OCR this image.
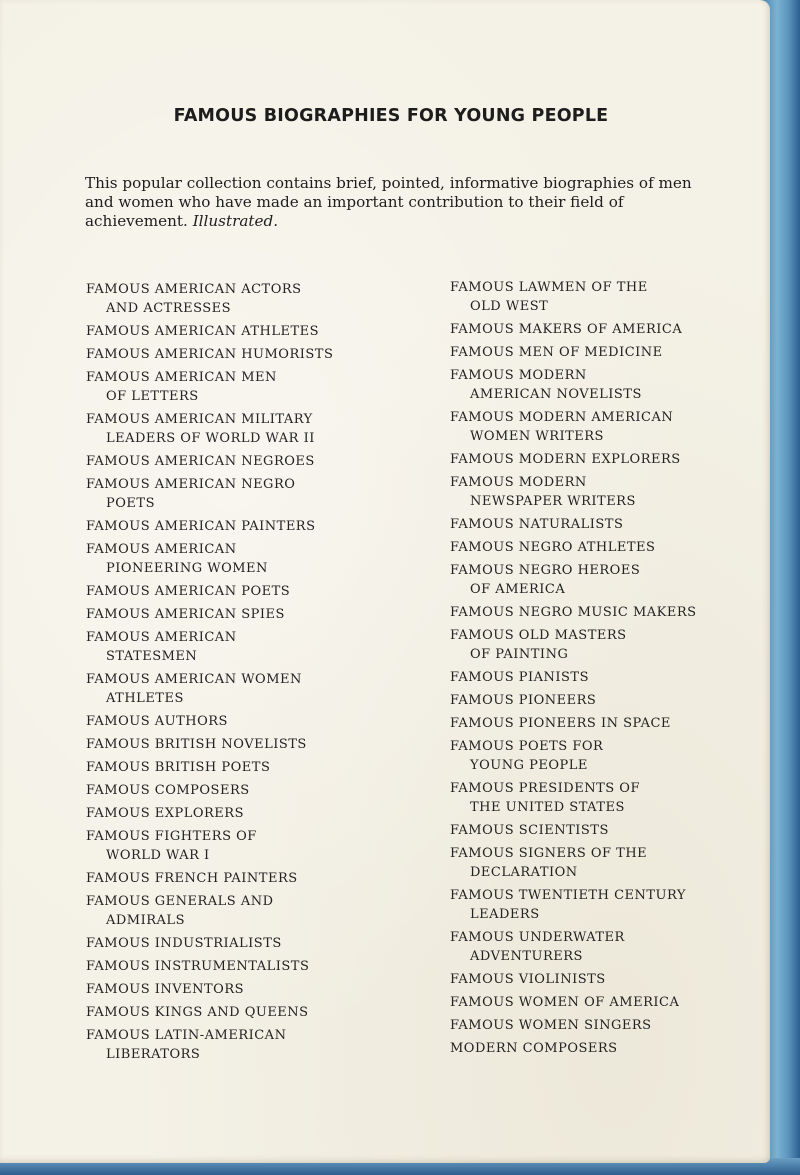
FAMOUS BIOGRAPHIES FOR YOUNG PEOPLE

This popular collection contains brief, pointed, informative biographies of men and women who have made an important contribution to their field of achievement. Illustrated.

FAMOUS AMERICAN ACTORS
AND ACTRESSES
FAMOUS AMERICAN ATHLETES
FAMOUS AMERICAN HUMORISTS
FAMOUS AMERICAN MEN
OF LETTERS
FAMOUS AMERICAN MILITARY
LEADERS OF WORLD WAR II
FAMOUS AMERICAN NEGROES
FAMOUS AMERICAN NEGRO
POETS
FAMOUS AMERICAN PAINTERS
FAMOUS AMERICAN
PIONEERING WOMEN
FAMOUS AMERICAN POETS
FAMOUS AMERICAN SPIES
FAMOUS AMERICAN
STATESMEN
FAMOUS AMERICAN WOMEN
ATHLETES
FAMOUS AUTHORS
FAMOUS BRITISH NOVELISTS
FAMOUS BRITISH POETS
FAMOUS COMPOSERS
FAMOUS EXPLORERS
FAMOUS FIGHTERS OF
WORLD WAR I
FAMOUS FRENCH PAINTERS
FAMOUS GENERALS AND
ADMIRALS
FAMOUS INDUSTRIALISTS
FAMOUS INSTRUMENTALISTS
FAMOUS INVENTORS
FAMOUS KINGS AND QUEENS
FAMOUS LATIN-AMERICAN
LIBERATORS
FAMOUS LAWMEN OF THE
OLD WEST
FAMOUS MAKERS OF AMERICA
FAMOUS MEN OF MEDICINE
FAMOUS MODERN
AMERICAN NOVELISTS
FAMOUS MODERN AMERICAN
WOMEN WRITERS
FAMOUS MODERN EXPLORERS
FAMOUS MODERN
NEWSPAPER WRITERS
FAMOUS NATURALISTS
FAMOUS NEGRO ATHLETES
FAMOUS NEGRO HEROES
OF AMERICA
FAMOUS NEGRO MUSIC MAKERS
FAMOUS OLD MASTERS
OF PAINTING
FAMOUS PIANISTS
FAMOUS PIONEERS
FAMOUS PIONEERS IN SPACE
FAMOUS POETS FOR
YOUNG PEOPLE
FAMOUS PRESIDENTS OF
THE UNITED STATES
FAMOUS SCIENTISTS
FAMOUS SIGNERS OF THE
DECLARATION
FAMOUS TWENTIETH CENTURY
LEADERS
FAMOUS UNDERWATER
ADVENTURERS
FAMOUS VIOLINISTS
FAMOUS WOMEN OF AMERICA
FAMOUS WOMEN SINGERS
MODERN COMPOSERS
